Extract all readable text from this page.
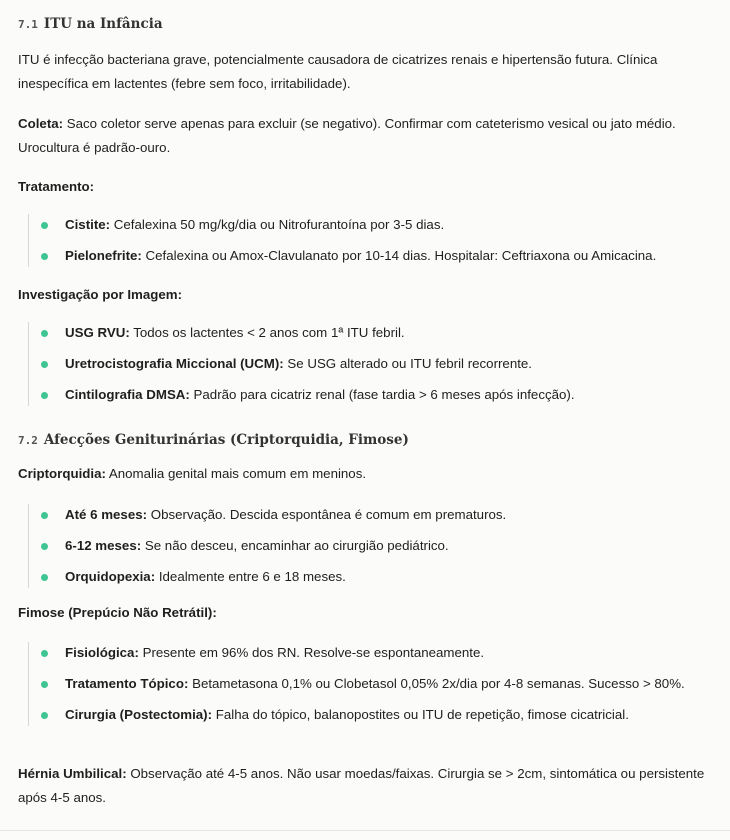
7.1 ITU na Infância

ITU é infecção bacteriana grave, potencialmente causadora de cicatrizes renais e hipertensão futura. Clínica inespecífica em lactentes (febre sem foco, irritabilidade).

Coleta: Saco coletor serve apenas para excluir (se negativo). Confirmar com cateterismo vesical ou jato médio. Urocultura é padrão-ouro.

Tratamento:

Cistite: Cefalexina 50 mg/kg/dia ou Nitrofurantoína por 3-5 dias.
Pielonefrite: Cefalexina ou Amox-Clavulanato por 10-14 dias. Hospitalar: Ceftriaxona ou Amicacina.

Investigação por Imagem:

USG RVU: Todos os lactentes < 2 anos com 1ª ITU febril.
Uretrocistografia Miccional (UCM): Se USG alterado ou ITU febril recorrente.
Cintilografia DMSA: Padrão para cicatriz renal (fase tardia > 6 meses após infecção).
7.2 Afecções Geniturinárias (Criptorquidia, Fimose)

Criptorquidia: Anomalia genital mais comum em meninos.

Até 6 meses: Observação. Descida espontânea é comum em prematuros.
6-12 meses: Se não desceu, encaminhar ao cirurgião pediátrico.
Orquidopexia: Idealmente entre 6 e 18 meses.

Fimose (Prepúcio Não Retrátil):

Fisiológica: Presente em 96% dos RN. Resolve-se espontaneamente.
Tratamento Tópico: Betametasona 0,1% ou Clobetasol 0,05% 2x/dia por 4-8 semanas. Sucesso > 80%.
Cirurgia (Postectomia): Falha do tópico, balanopostites ou ITU de repetição, fimose cicatricial.

Hérnia Umbilical: Observação até 4-5 anos. Não usar moedas/faixas. Cirurgia se > 2cm, sintomática ou persistente após 4-5 anos.
